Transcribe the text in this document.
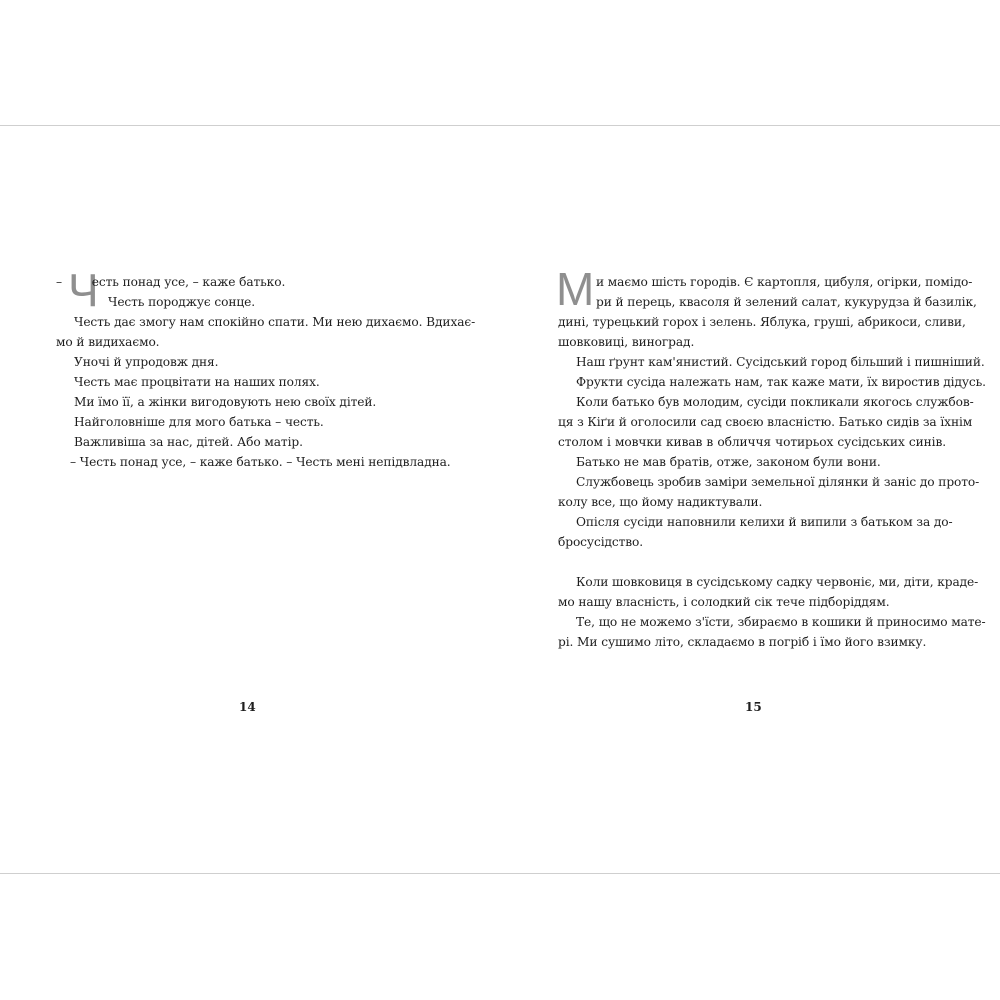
Ч
– есть понад усе, – каже батько.
Честь породжує сонце.
Честь дає змогу нам спокійно спати. Ми нею дихаємо. Вдихає-
мо й видихаємо.
Уночі й упродовж дня.
Честь має процвітати на наших полях.
Ми їмо її, а жінки вигодовують нею своїх дітей.
Найголовніше для мого батька – честь.
Важливіша за нас, дітей. Або матір.
– Честь понад усе, – каже батько. – Честь мені непідвладна.
14
М и маємо шість городів. Є картопля, цибуля, огірки, помідо-
ри й перець, квасоля й зелений салат, кукурудза й базилік,
дині, турецький горох і зелень. Яблука, груші, абрикоси, сливи,
шовковиці, виноград.
Наш ґрунт кам'янистий. Сусідський город більший і пишніший.
Фрукти сусіда належать нам, так каже мати, їх виростив дідусь.
Коли батько був молодим, сусіди покликали якогось службов-
ця з Кіґи й оголосили сад своєю власністю. Батько сидів за їхнім
столом і мовчки кивав в обличчя чотирьох сусідських синів.
Батько не мав братів, отже, законом були вони.
Службовець зробив заміри земельної ділянки й заніс до прото-
колу все, що йому надиктували.
Опісля сусіди наповнили келихи й випили з батьком за до-
бросусідство.
Коли шовковиця в сусідському садку червоніє, ми, діти, краде-
мо нашу власність, і солодкий сік тече підборіддям.
Те, що не можемо з'їсти, збираємо в кошики й приносимо мате-
рі. Ми сушимо літо, складаємо в погріб і їмо його взимку.
15
